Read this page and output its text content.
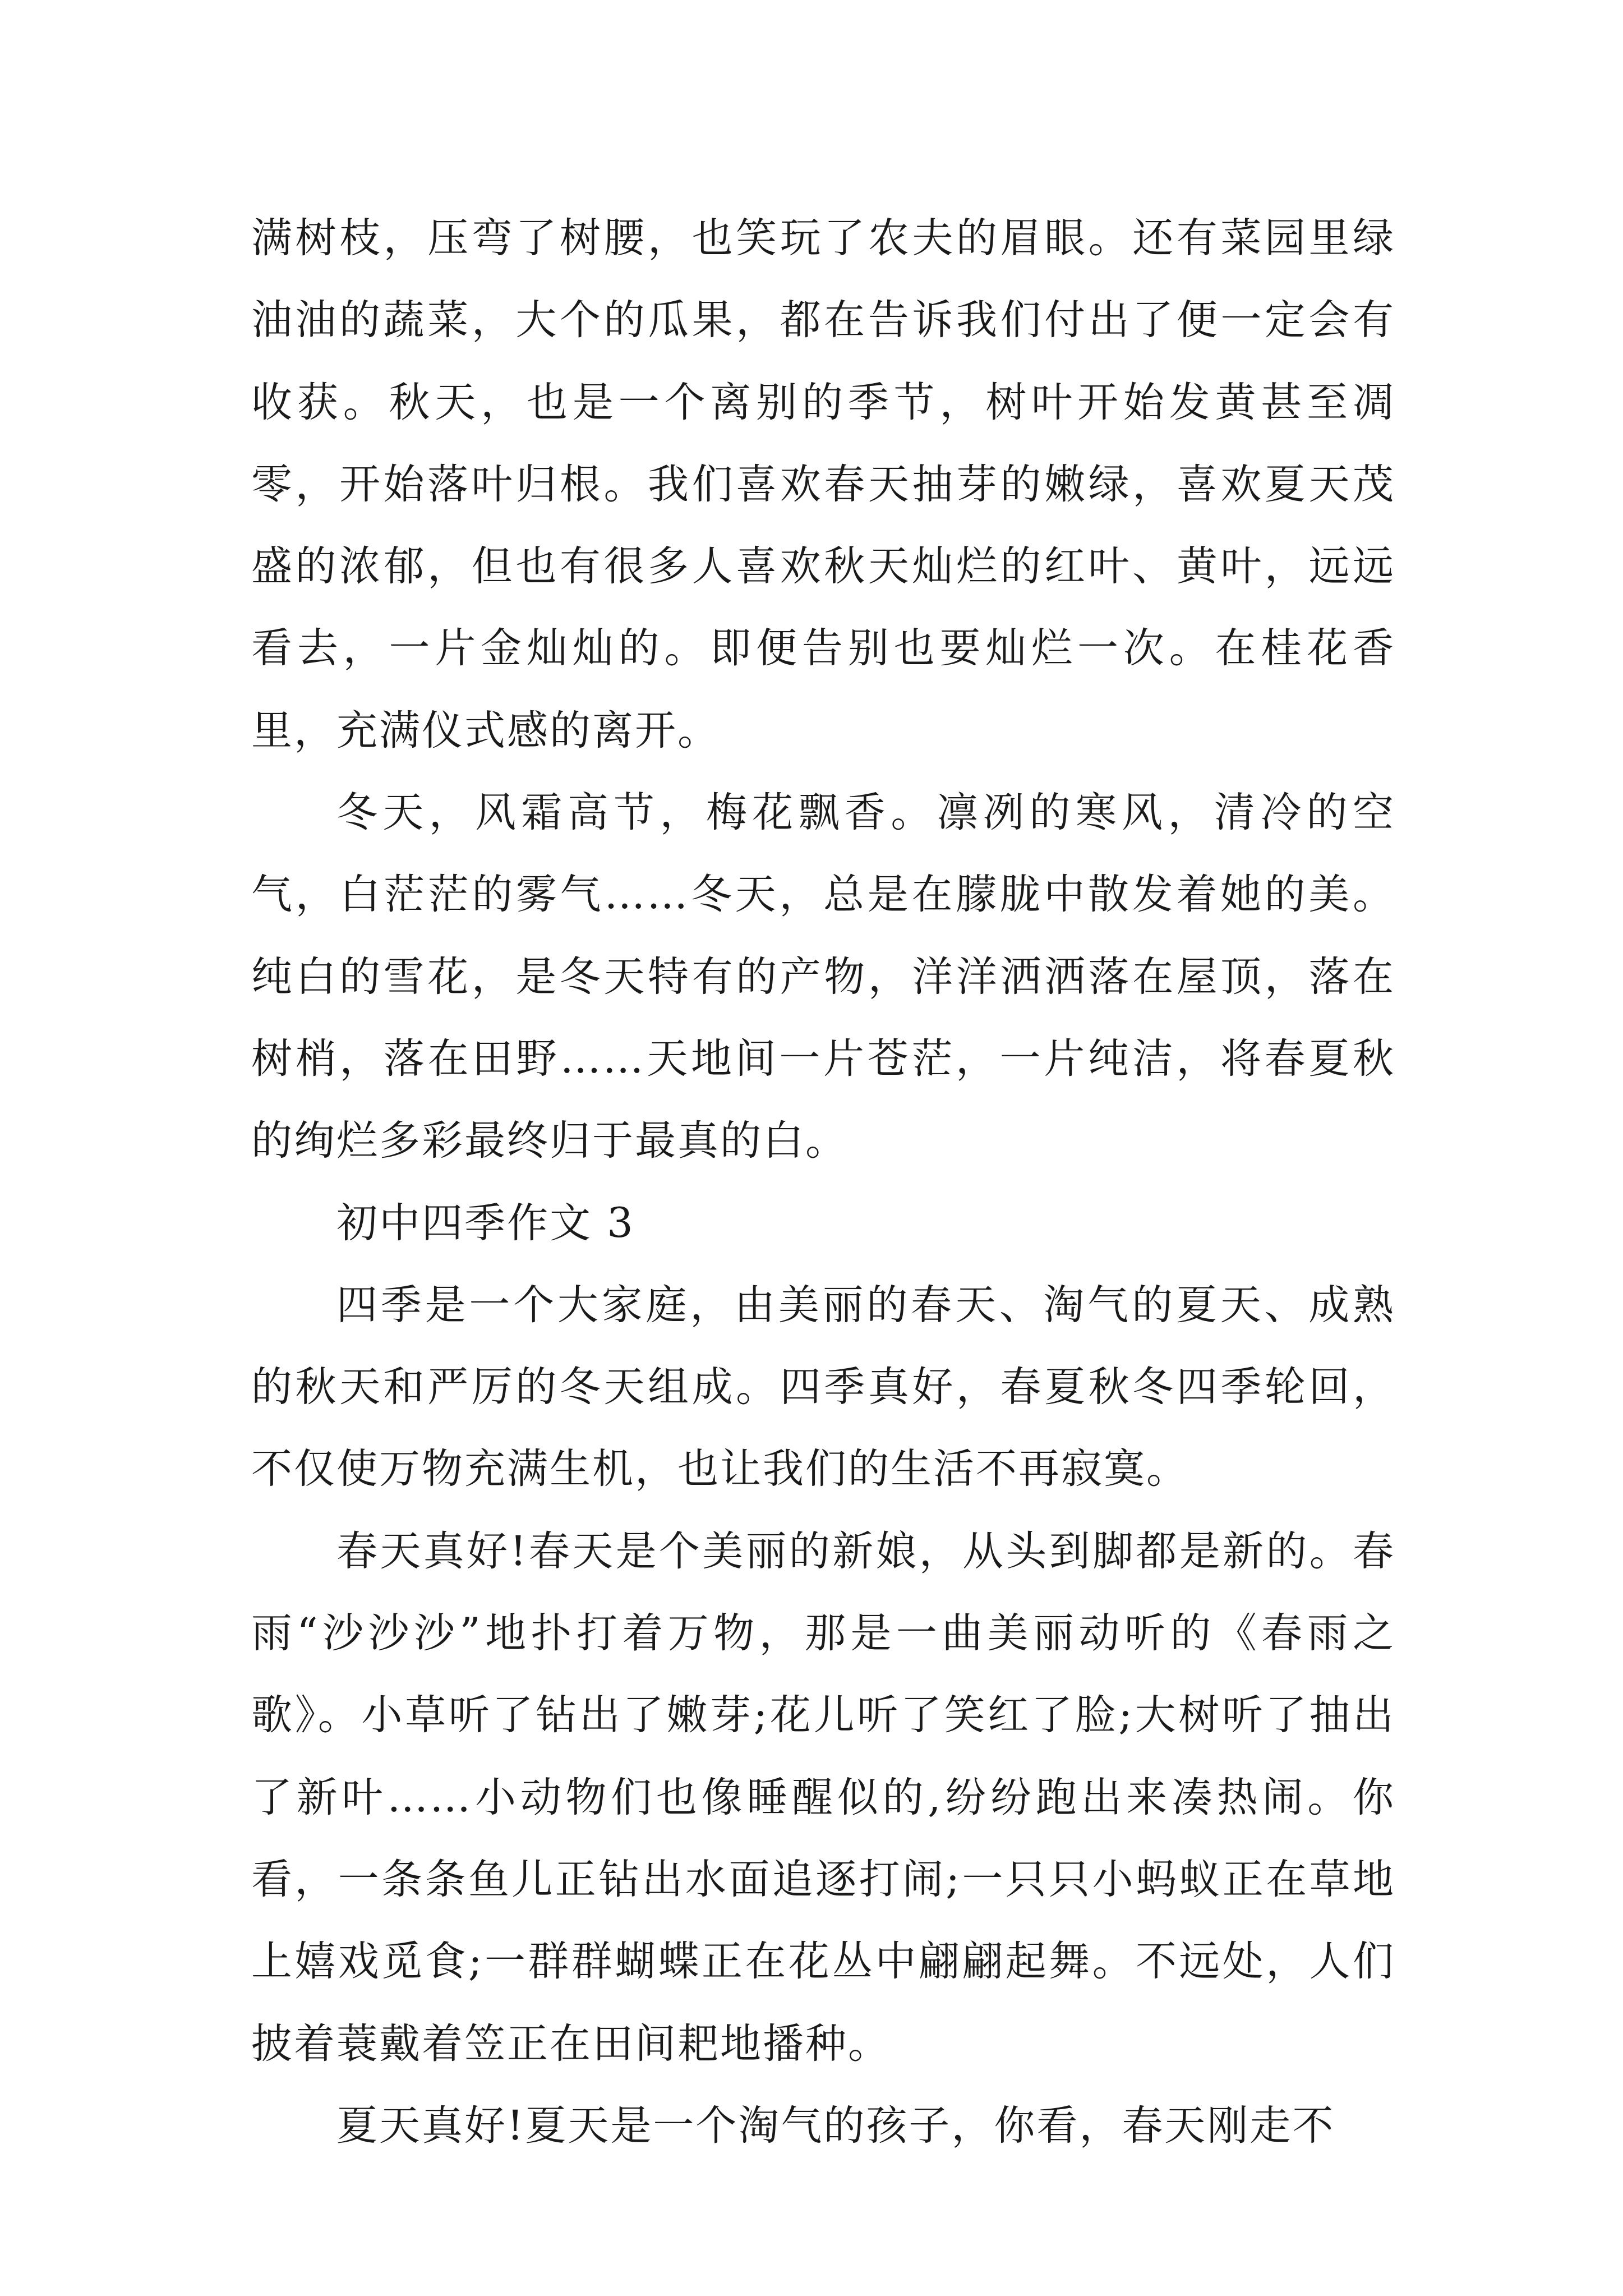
满树枝，压弯了树腰，也笑玩了农夫的眉眼。还有菜园里绿油油的蔬菜，大个的瓜果，都在告诉我们付出了便一定会有收获。秋天，也是一个离别的季节，树叶开始发黄甚至凋零，开始落叶归根。我们喜欢春天抽芽的嫩绿，喜欢夏天茂盛的浓郁，但也有很多人喜欢秋天灿烂的红叶、黄叶，远远看去，一片金灿灿的。即便告别也要灿烂一次。在桂花香里，充满仪式感的离开。

冬天，风霜高节，梅花飘香。凛冽的寒风，清冷的空气，白茫茫的雾气……冬天，总是在朦胧中散发着她的美。纯白的雪花，是冬天特有的产物，洋洋洒洒落在屋顶，落在树梢，落在田野……天地间一片苍茫，一片纯洁，将春夏秋的绚烂多彩最终归于最真的白。

初中四季作文 3

四季是一个大家庭，由美丽的春天、淘气的夏天、成熟的秋天和严厉的冬天组成。四季真好，春夏秋冬四季轮回，不仅使万物充满生机，也让我们的生活不再寂寞。

春天真好!春天是个美丽的新娘，从头到脚都是新的。春雨“沙沙沙”地扑打着万物，那是一曲美丽动听的《春雨之歌》。小草听了钻出了嫩芽;花儿听了笑红了脸;大树听了抽出了新叶……小动物们也像睡醒似的,纷纷跑出来凑热闹。你看，一条条鱼儿正钻出水面追逐打闹;一只只小蚂蚁正在草地上嬉戏觅食;一群群蝴蝶正在花丛中翩翩起舞。不远处，人们披着蓑戴着笠正在田间耙地播种。

夏天真好!夏天是一个淘气的孩子，你看，春天刚走不
